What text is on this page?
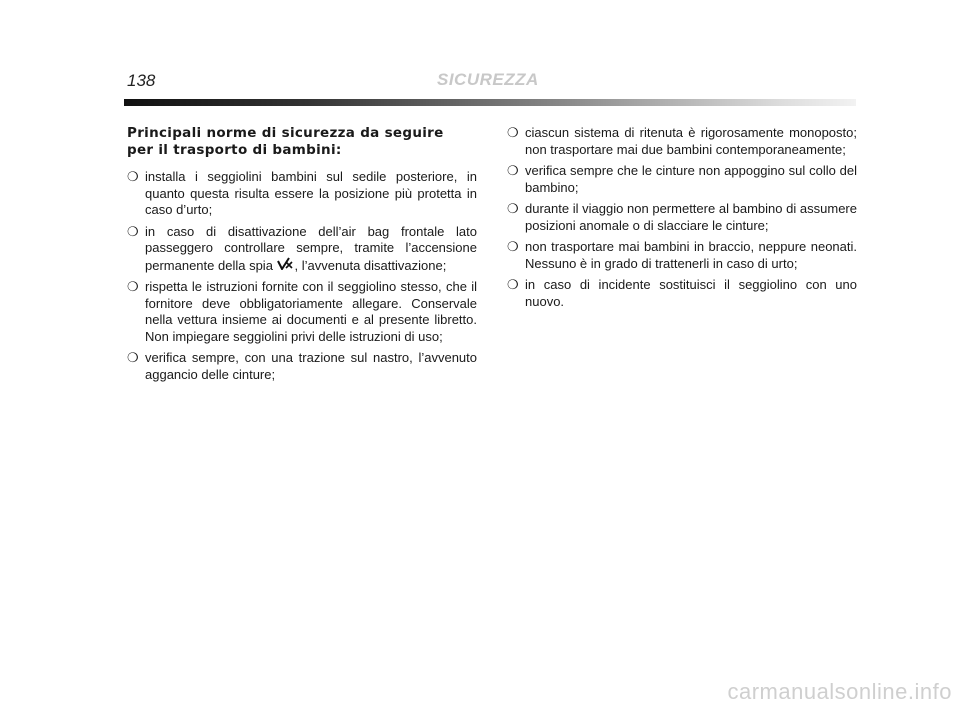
138	SICUREZZA
Principali norme di sicurezza da seguire
per il trasporto di bambini:
❍ installa i seggiolini bambini sul sedile posteriore, in quanto questa risulta essere la posizione più protetta in caso d’urto;
❍ in caso di disattivazione dell’air bag frontale lato passeggero controllare sempre, tramite l’accensione permanente della spia , l’avvenuta disattivazione;
❍ rispetta le istruzioni fornite con il seggiolino stesso, che il fornitore deve obbligatoriamente allegare. Conservale nella vettura insieme ai documenti e al presente libretto. Non impiegare seggiolini privi delle istruzioni di uso;
❍ verifica sempre, con una trazione sul nastro, l’avvenuto aggancio delle cinture;
❍ ciascun sistema di ritenuta è rigorosamente monoposto; non trasportare mai due bambini contemporaneamente;
❍ verifica sempre che le cinture non appoggino sul collo del bambino;
❍ durante il viaggio non permettere al bambino di assumere posizioni anomale o di slacciare le cinture;
❍ non trasportare mai bambini in braccio, neppure neonati. Nessuno è in grado di trattenerli in caso di urto;
❍ in caso di incidente sostituisci il seggiolino con uno nuovo.
carmanualsonline.info
